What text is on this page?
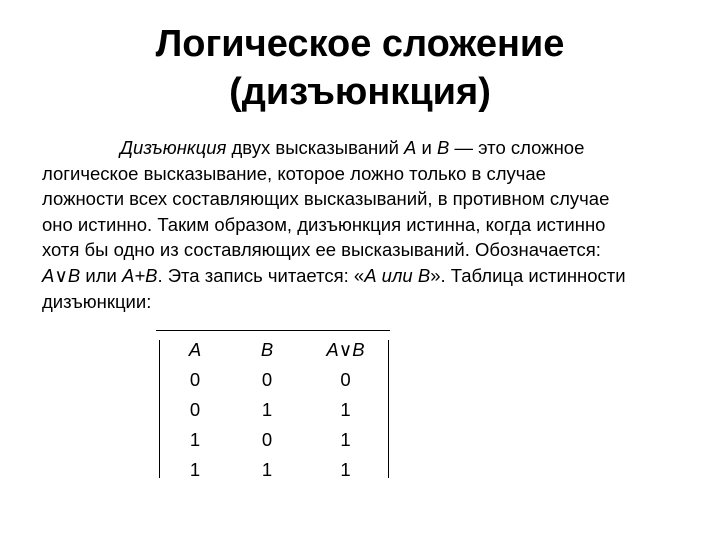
Логическое сложение
(дизъюнкция)

Дизъюнкция двух высказываний А и В — это сложное
логическое высказывание, которое ложно только в случае
ложности всех составляющих высказываний, в противном случае
оно истинно. Таким образом, дизъюнкция истинна, когда истинно
хотя бы одно из составляющих ее высказываний. Обозначается:
А∨В или А+В. Эта запись читается: «А или В». Таблица истинности
дизъюнкции:

А	В	А∨В
0	0	0
0	1	1
1	0	1
1	1	1
